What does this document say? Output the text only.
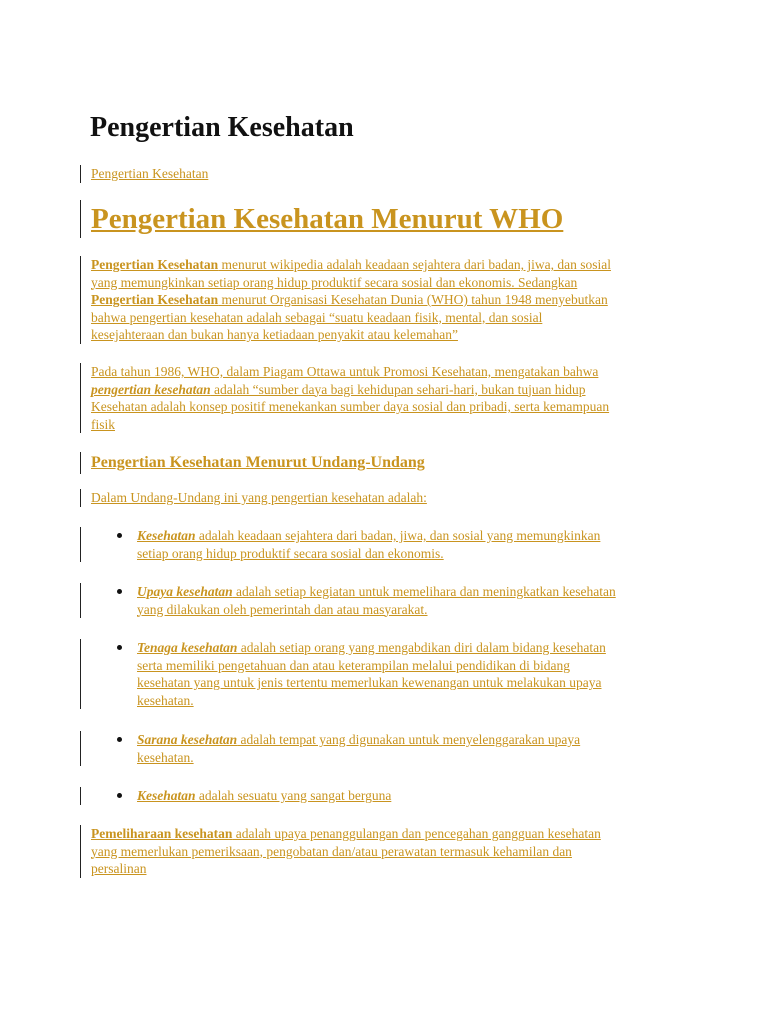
Pengertian Kesehatan
Pengertian Kesehatan
Pengertian Kesehatan Menurut WHO
Pengertian Kesehatan menurut wikipedia adalah keadaan sejahtera dari badan, jiwa, dan sosial
yang memungkinkan setiap orang hidup produktif secara sosial dan ekonomis. Sedangkan
Pengertian Kesehatan menurut Organisasi Kesehatan Dunia (WHO) tahun 1948 menyebutkan
bahwa pengertian kesehatan adalah sebagai “suatu keadaan fisik, mental, dan sosial
kesejahteraan dan bukan hanya ketiadaan penyakit atau kelemahan”
Pada tahun 1986, WHO, dalam Piagam Ottawa untuk Promosi Kesehatan, mengatakan bahwa
pengertian kesehatan adalah “sumber daya bagi kehidupan sehari-hari, bukan tujuan hidup
Kesehatan adalah konsep positif menekankan sumber daya sosial dan pribadi, serta kemampuan
fisik
Pengertian Kesehatan Menurut Undang-Undang
Dalam Undang-Undang ini yang pengertian kesehatan adalah:
Kesehatan adalah keadaan sejahtera dari badan, jiwa, dan sosial yang memungkinkan
setiap orang hidup produktif secara sosial dan ekonomis.
Upaya kesehatan adalah setiap kegiatan untuk memelihara dan meningkatkan kesehatan
yang dilakukan oleh pemerintah dan atau masyarakat.
Tenaga kesehatan adalah setiap orang yang mengabdikan diri dalam bidang kesehatan
serta memiliki pengetahuan dan atau keterampilan melalui pendidikan di bidang
kesehatan yang untuk jenis tertentu memerlukan kewenangan untuk melakukan upaya
kesehatan.
Sarana kesehatan adalah tempat yang digunakan untuk menyelenggarakan upaya
kesehatan.
Kesehatan adalah sesuatu yang sangat berguna
Pemeliharaan kesehatan adalah upaya penanggulangan dan pencegahan gangguan kesehatan
yang memerlukan pemeriksaan, pengobatan dan/atau perawatan termasuk kehamilan dan
persalinan
